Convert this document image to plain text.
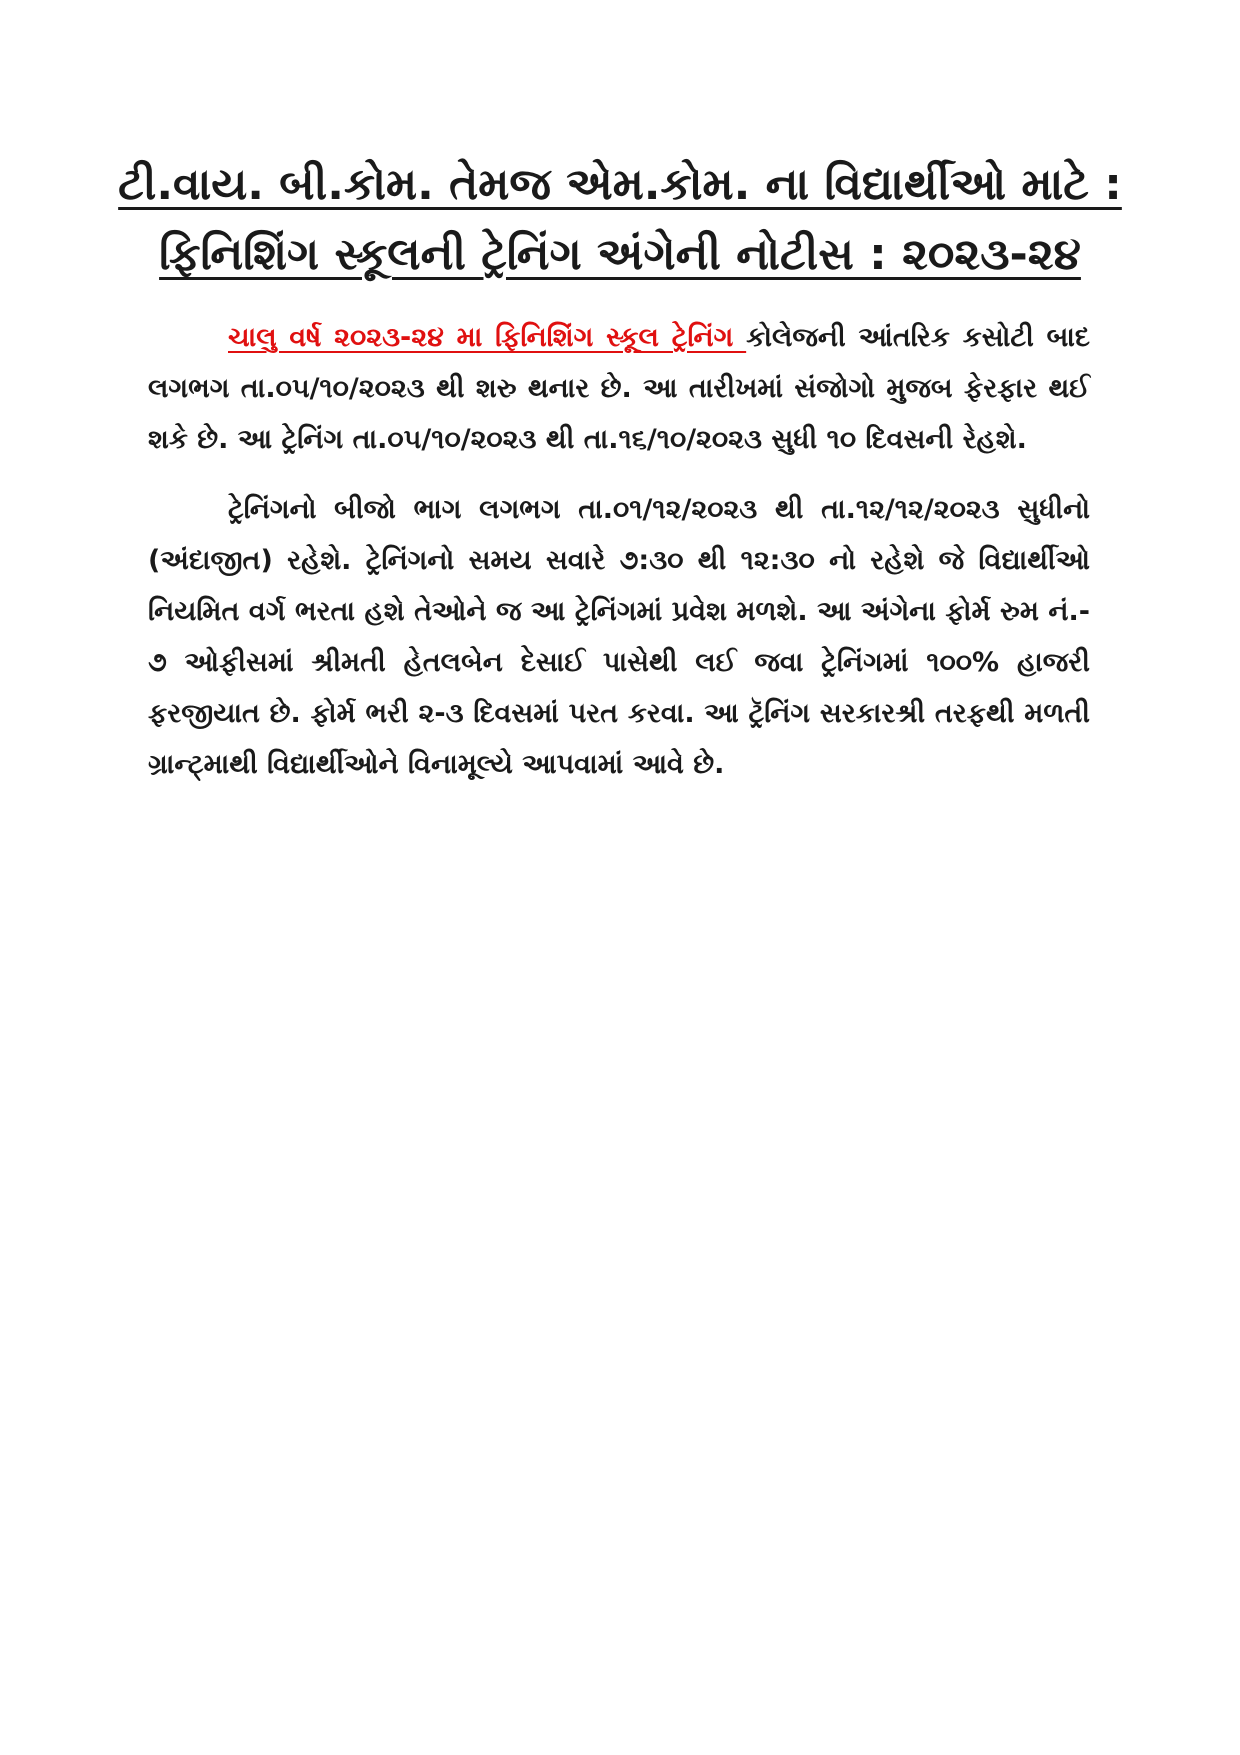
ટી.વાય. બી.કોમ. તેમજ એમ.કોમ. ના વિદ્યાર્થીઓ માટે :
ફિનિશિંગ સ્કૂલની ટ્રેનિંગ અંગેની નોટીસ : ૨૦૨૩-૨૪

ચાલુ વર્ષ ૨૦૨૩-૨૪ મા ફિનિશિંગ સ્કૂલ ટ્રેનિંગ કોલેજની આંતરિક કસોટી બાદ લગભગ તા.૦૫/૧૦/૨૦૨૩ થી શરુ થનાર છે. આ તારીખમાં સંજોગો મુજબ ફેરફાર થઈ શકે છે. આ ટ્રેનિંગ તા.૦૫/૧૦/૨૦૨૩ થી તા.૧૬/૧૦/૨૦૨૩ સુધી ૧૦ દિવસની રેહશે.

ટ્રેનિંગનો બીજો ભાગ લગભગ તા.૦૧/૧૨/૨૦૨૩ થી તા.૧૨/૧૨/૨૦૨૩ સુધીનો (અંદાજીત) રહેશે. ટ્રેનિંગનો સમય સવારે ૭:૩૦ થી ૧૨:૩૦ નો રહેશે જે વિદ્યાર્થીઓ નિયમિત વર્ગ ભરતા હશે તેઓને જ આ ટ્રેનિંગમાં પ્રવેશ મળશે. આ અંગેના ફોર્મ રુમ નં.- ૭ ઓફીસમાં શ્રીમતી હેતલબેન દેસાઈ પાસેથી લઈ જવા ટ્રેનિંગમાં ૧૦૦% હાજરી ફરજીયાત છે. ફોર્મ ભરી ૨-૩ દિવસમાં પરત કરવા. આ ટ્રૅનિંગ સરકારશ્રી તરફથી મળતી ગ્રાન્ટ્માથી વિદ્યાર્થીઓને વિનામૂલ્યે આપવામાં આવે છે.
